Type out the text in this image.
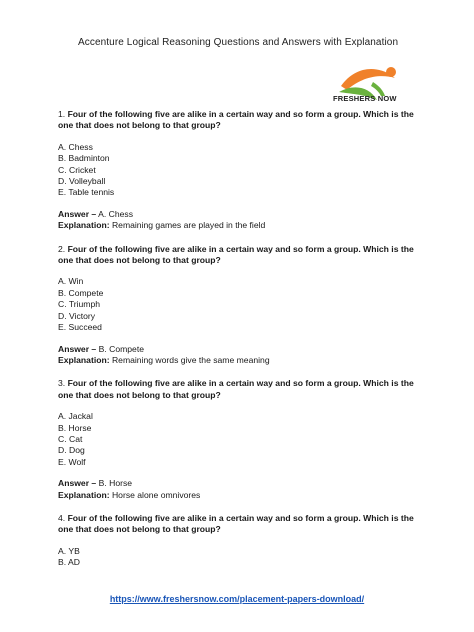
Accenture Logical Reasoning Questions and Answers with Explanation
FRESHERS NOW
1. Four of the following five are alike in a certain way and so form a group. Which is the one that does not belong to that group?
A. Chess
B. Badminton
C. Cricket
D. Volleyball
E. Table tennis
Answer – A. Chess
Explanation: Remaining games are played in the field
2. Four of the following five are alike in a certain way and so form a group. Which is the one that does not belong to that group?
A. Win
B. Compete
C. Triumph
D. Victory
E. Succeed
Answer – B. Compete
Explanation: Remaining words give the same meaning
3. Four of the following five are alike in a certain way and so form a group. Which is the one that does not belong to that group?
A. Jackal
B. Horse
C. Cat
D. Dog
E. Wolf
Answer – B. Horse
Explanation: Horse alone omnivores
4. Four of the following five are alike in a certain way and so form a group. Which is the one that does not belong to that group?
A. YB
B. AD
https://www.freshersnow.com/placement-papers-download/
